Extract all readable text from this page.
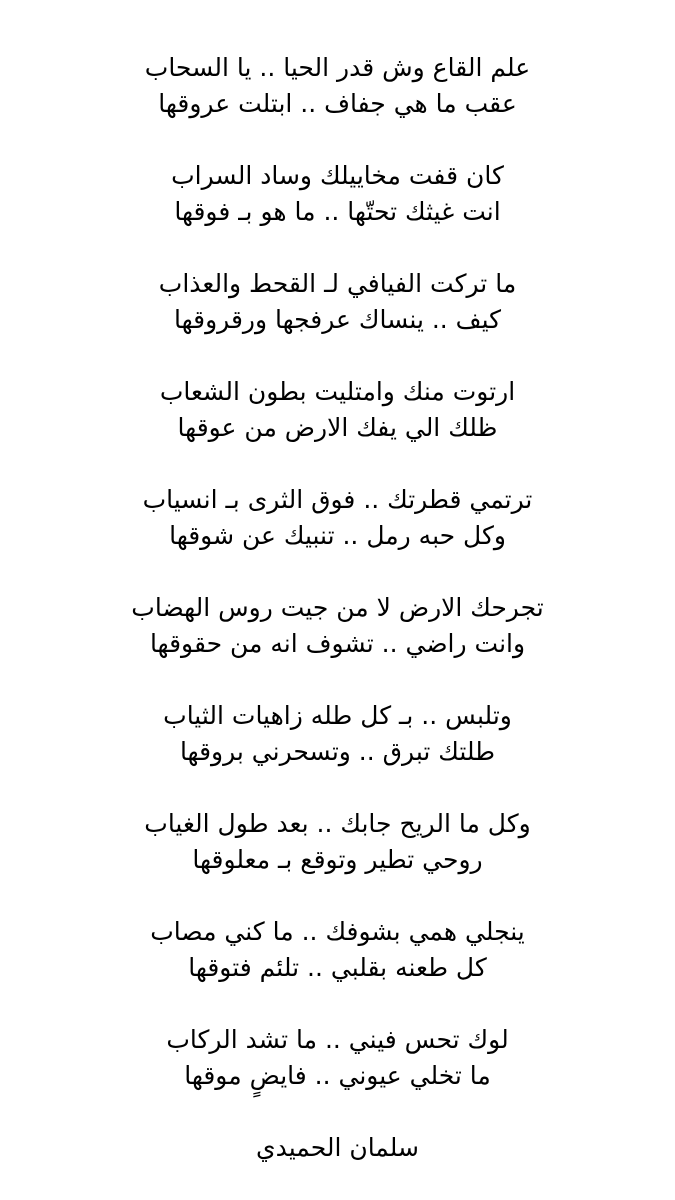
علم القاع وش قدر الحيا .. يا السحاب
عقب ما هي جفاف .. ابتلت عروقها
كان قفت مخاييلك وساد السراب
انت غيثك تحتّها .. ما هو بـ فوقها
ما تركت الفيافي لـ القحط والعذاب
كيف .. ينساك عرفجها ورقروقها
ارتوت منك وامتليت بطون الشعاب
ظلك الي يفك الارض من عوقها
ترتمي قطرتك .. فوق الثرى بـ انسياب
وكل حبه رمل .. تنبيك عن شوقها
تجرحك الارض لا من جيت روس الهضاب
وانت راضي .. تشوف انه من حقوقها
وتلبس .. بـ كل طله زاهيات الثياب
طلتك تبرق .. وتسحرني بروقها
وكل ما الريح جابك .. بعد طول الغياب
روحي تطير وتوقع بـ معلوقها
ينجلي همي بشوفك .. ما كني مصاب
كل طعنه بقلبي .. تلئم فتوقها
لوك تحس فيني .. ما تشد الركاب
ما تخلي عيوني .. فايضٍ موقها
سلمان الحميدي
